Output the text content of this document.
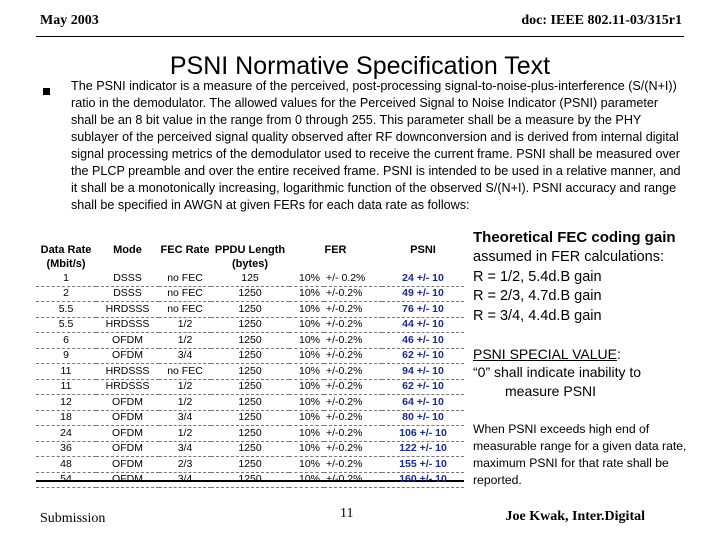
May 2003	doc: IEEE 802.11-03/315r1
PSNI Normative Specification Text

The PSNI indicator is a measure of the perceived, post-processing signal-to-noise-plus-interference (S/(N+I)) ratio in the demodulator. The allowed values for the Perceived Signal to Noise Indicator (PSNI) parameter shall be an 8 bit value in the range from 0 through 255. This parameter shall be a measure by the PHY sublayer of the perceived signal quality observed after RF downconversion and is derived from internal digital signal processing metrics of the demodulator used to receive the current frame. PSNI shall be measured over the PLCP preamble and over the entire received frame. PSNI is intended to be used in a relative manner, and it shall be a monotonically increasing, logarithmic function of the observed S/(N+I). PSNI accuracy and range shall be specified in AWGN at given FERs for each data rate as follows:

Data Rate	Mode	FEC Rate	PPDU Length	FER		PSNI
(Mbit/s)			(bytes)			
1	DSSS	no FEC	125	10%	+/- 0.2%	24 +/- 10
2	DSSS	no FEC	1250	10%	+/-0.2%	49 +/- 10
5.5	HRDSSS	no FEC	1250	10%	+/-0.2%	76 +/- 10
5.5	HRDSSS	1/2	1250	10%	+/-0.2%	44 +/- 10
6	OFDM	1/2	1250	10%	+/-0.2%	46 +/- 10
9	OFDM	3/4	1250	10%	+/-0.2%	62 +/- 10
11	HRDSSS	no FEC	1250	10%	+/-0.2%	94 +/- 10
11	HRDSSS	1/2	1250	10%	+/-0.2%	62 +/- 10
12	OFDM	1/2	1250	10%	+/-0.2%	64 +/- 10
18	OFDM	3/4	1250	10%	+/-0.2%	80 +/- 10
24	OFDM	1/2	1250	10%	+/-0.2%	106 +/- 10
36	OFDM	3/4	1250	10%	+/-0.2%	122 +/- 10
48	OFDM	2/3	1250	10%	+/-0.2%	155 +/- 10
54	OFDM	3/4	1250	10%	+/-0.2%	160 +/- 10
Theoretical FEC coding gain
assumed in FER calculations:
R = 1/2, 5.4d.B gain
R = 2/3, 4.7d.B gain
R = 3/4, 4.4d.B gain
PSNI SPECIAL VALUE:
“0” shall indicate inability to
measure PSNI

When PSNI exceeds high end of measurable range for a given data rate, maximum PSNI for that rate shall be reported.

Submission	11	Joe Kwak, Inter.Digital
